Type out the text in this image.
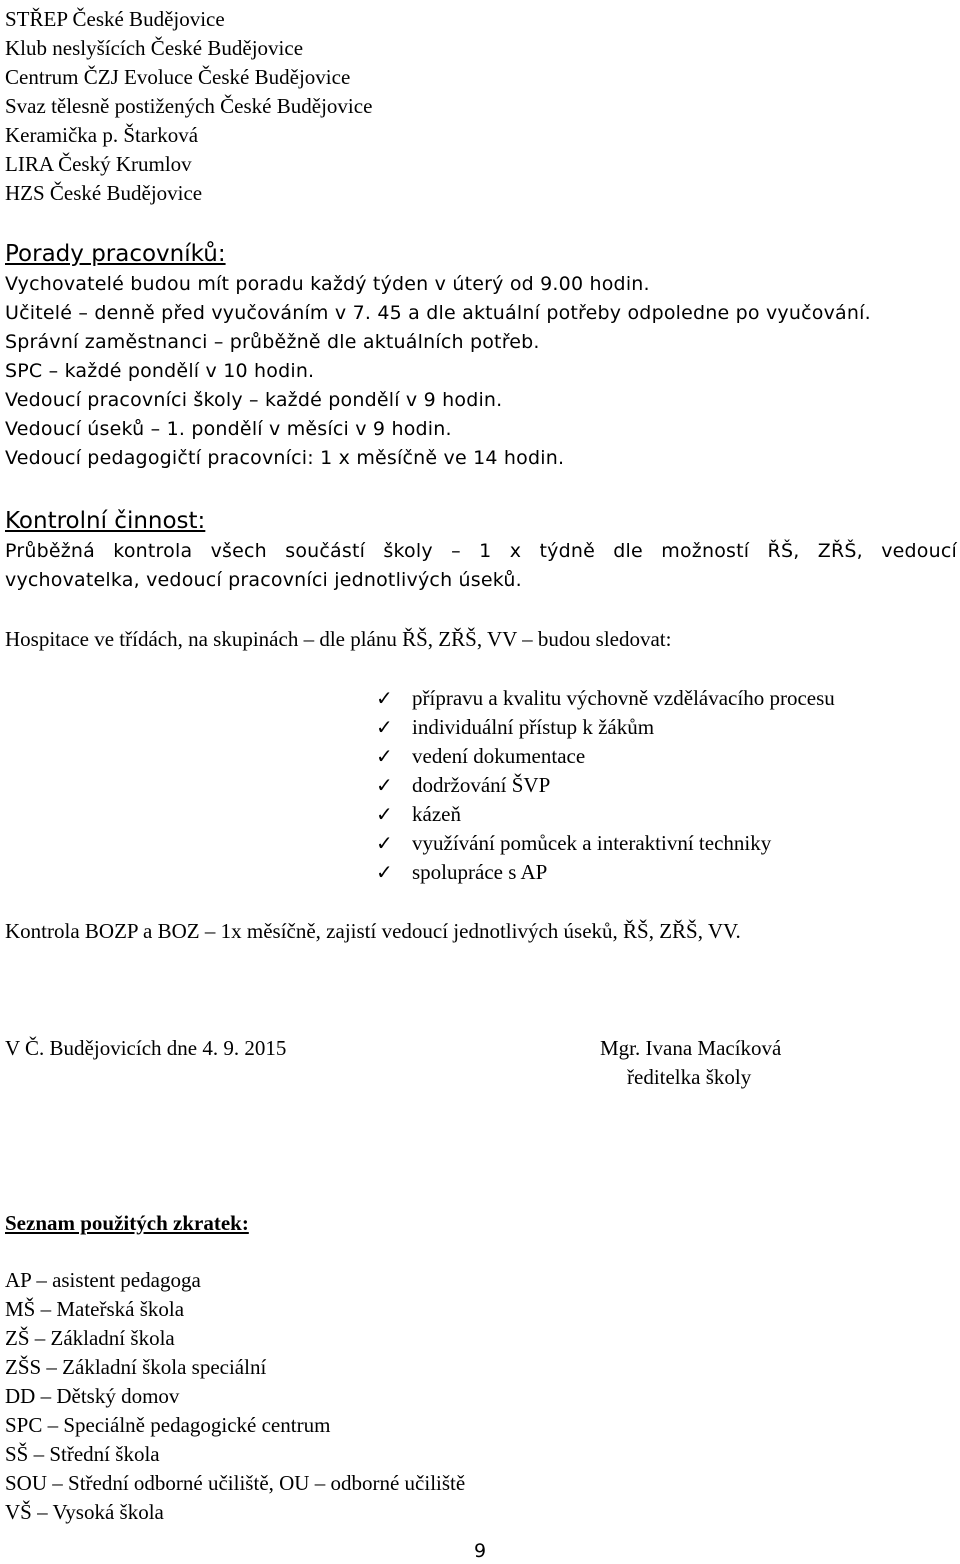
STŘEP České Budějovice
Klub neslyšících České Budějovice
Centrum ČZJ Evoluce České Budějovice
Svaz tělesně postižených České Budějovice
Keramička p. Štarková
LIRA Český Krumlov
HZS České Budějovice
Porady pracovníků:
Vychovatelé budou mít poradu každý týden v úterý od 9.00 hodin.
Učitelé – denně před vyučováním v 7. 45 a dle aktuální potřeby odpoledne po vyučování.
Správní zaměstnanci – průběžně dle aktuálních potřeb.
SPC – každé pondělí v 10 hodin.
Vedoucí pracovníci školy – každé pondělí v 9 hodin.
Vedoucí úseků – 1. pondělí v měsíci v 9 hodin.
Vedoucí pedagogičtí pracovníci: 1 x měsíčně ve 14 hodin.
Kontrolní činnost:
Průběžná kontrola všech součástí školy – 1 x týdně dle možností ŘŠ, ZŘŠ, vedoucí
vychovatelka, vedoucí pracovníci jednotlivých úseků.
Hospitace ve třídách, na skupinách – dle plánu ŘŠ, ZŘŠ, VV – budou sledovat:
✓ přípravu a kvalitu výchovně vzdělávacího procesu
✓ individuální přístup k žákům
✓ vedení dokumentace
✓ dodržování ŠVP
✓ kázeň
✓ využívání pomůcek a interaktivní techniky
✓ spolupráce s AP
Kontrola BOZP a BOZ – 1x měsíčně, zajistí vedoucí jednotlivých úseků, ŘŠ, ZŘŠ, VV.
V Č. Budějovicích dne 4. 9. 2015	Mgr. Ivana Macíková
ředitelka školy
Seznam použitých zkratek:
AP – asistent pedagoga
MŠ – Mateřská škola
ZŠ – Základní škola
ZŠS – Základní škola speciální
DD – Dětský domov
SPC – Speciálně pedagogické centrum
SŠ – Střední škola
SOU – Střední odborné učiliště, OU – odborné učiliště
VŠ – Vysoká škola
9
